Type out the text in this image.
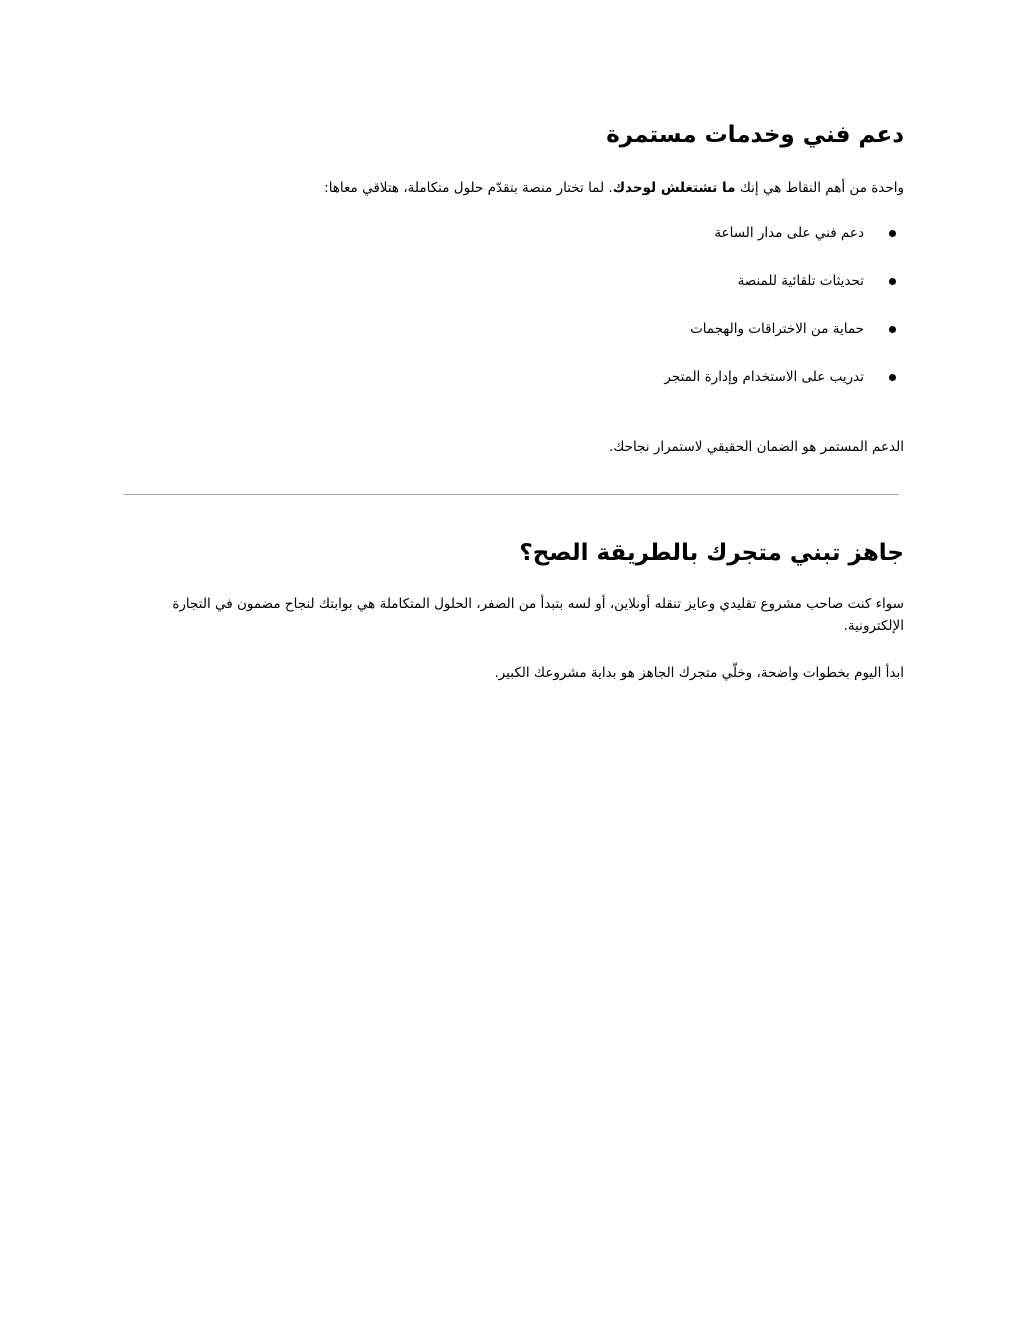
دعم فني وخدمات مستمرة

واحدة من أهم النقاط هي إنك ما تشتغلش لوحدك. لما تختار منصة بتقدّم حلول متكاملة، هتلاقي معاها:

دعم فني على مدار الساعة
تحديثات تلقائية للمنصة
حماية من الاختراقات والهجمات
تدريب على الاستخدام وإدارة المتجر

الدعم المستمر هو الضمان الحقيقي لاستمرار نجاحك.

جاهز تبني متجرك بالطريقة الصح؟

سواء كنت صاحب مشروع تقليدي وعايز تنقله أونلاين، أو لسه بتبدأ من الصفر، الحلول المتكاملة هي بوابتك لنجاح مضمون في التجارة الإلكترونية.

ابدأ اليوم بخطوات واضحة، وخلّي متجرك الجاهز هو بداية مشروعك الكبير.
